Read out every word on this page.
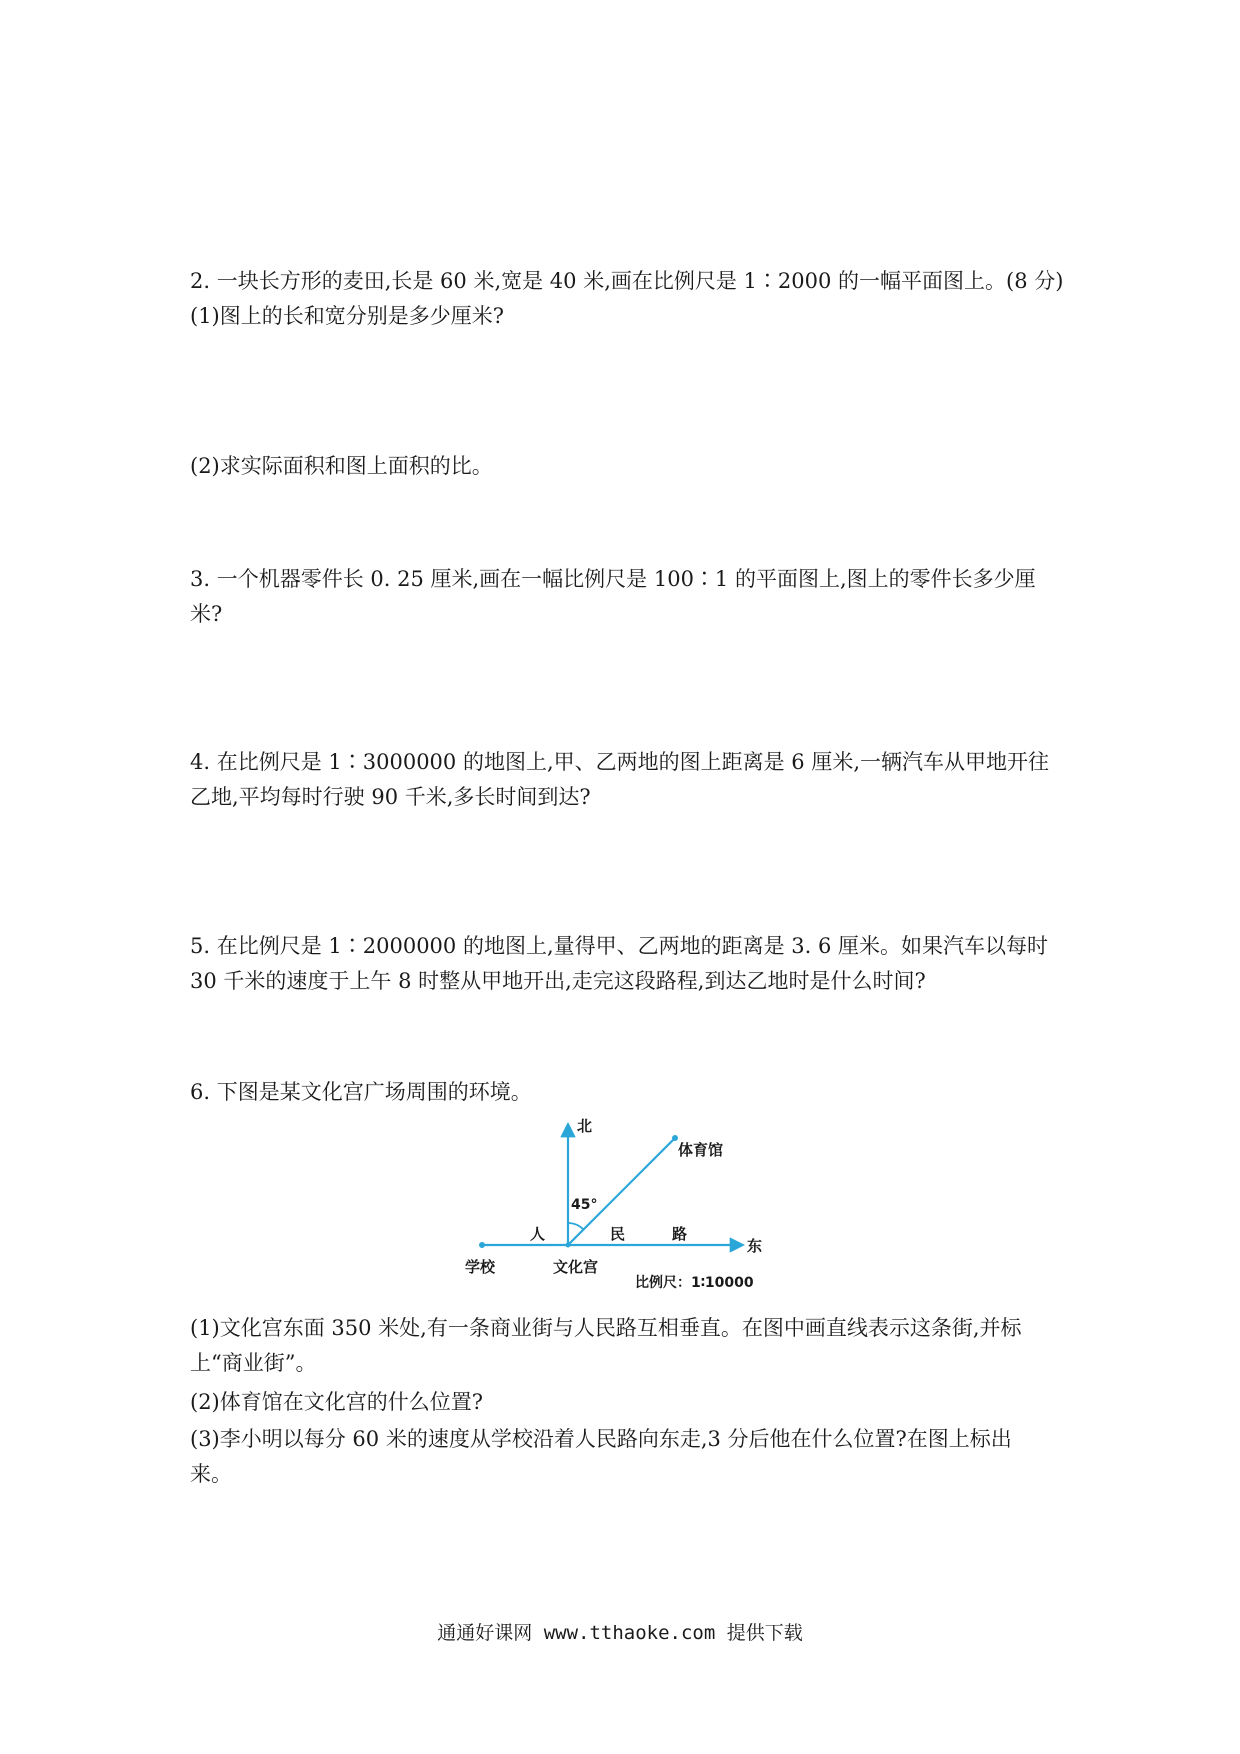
2. 一块长方形的麦田,长是 60 米,宽是 40 米,画在比例尺是 1∶2000 的一幅平面图上。(8 分)
(1)图上的长和宽分别是多少厘米?
(2)求实际面积和图上面积的比。
3. 一个机器零件长 0. 25 厘米,画在一幅比例尺是 100∶1 的平面图上,图上的零件长多少厘
米?
4. 在比例尺是 1∶3000000 的地图上,甲、乙两地的图上距离是 6 厘米,一辆汽车从甲地开往
乙地,平均每时行驶 90 千米,多长时间到达?
5. 在比例尺是 1∶2000000 的地图上,量得甲、乙两地的距离是 3. 6 厘米。如果汽车以每时
30 千米的速度于上午 8 时整从甲地开出,走完这段路程,到达乙地时是什么时间?
6. 下图是某文化宫广场周围的环境。
北
体育馆
45°
人	民	路
东
学校	文化宫
比例尺：1∶10000
(1)文化宫东面 350 米处,有一条商业街与人民路互相垂直。在图中画直线表示这条街,并标
上“商业街”。
(2)体育馆在文化宫的什么位置?
(3)李小明以每分 60 米的速度从学校沿着人民路向东走,3 分后他在什么位置?在图上标出
来。
通通好课网 www.tthaoke.com 提供下载
